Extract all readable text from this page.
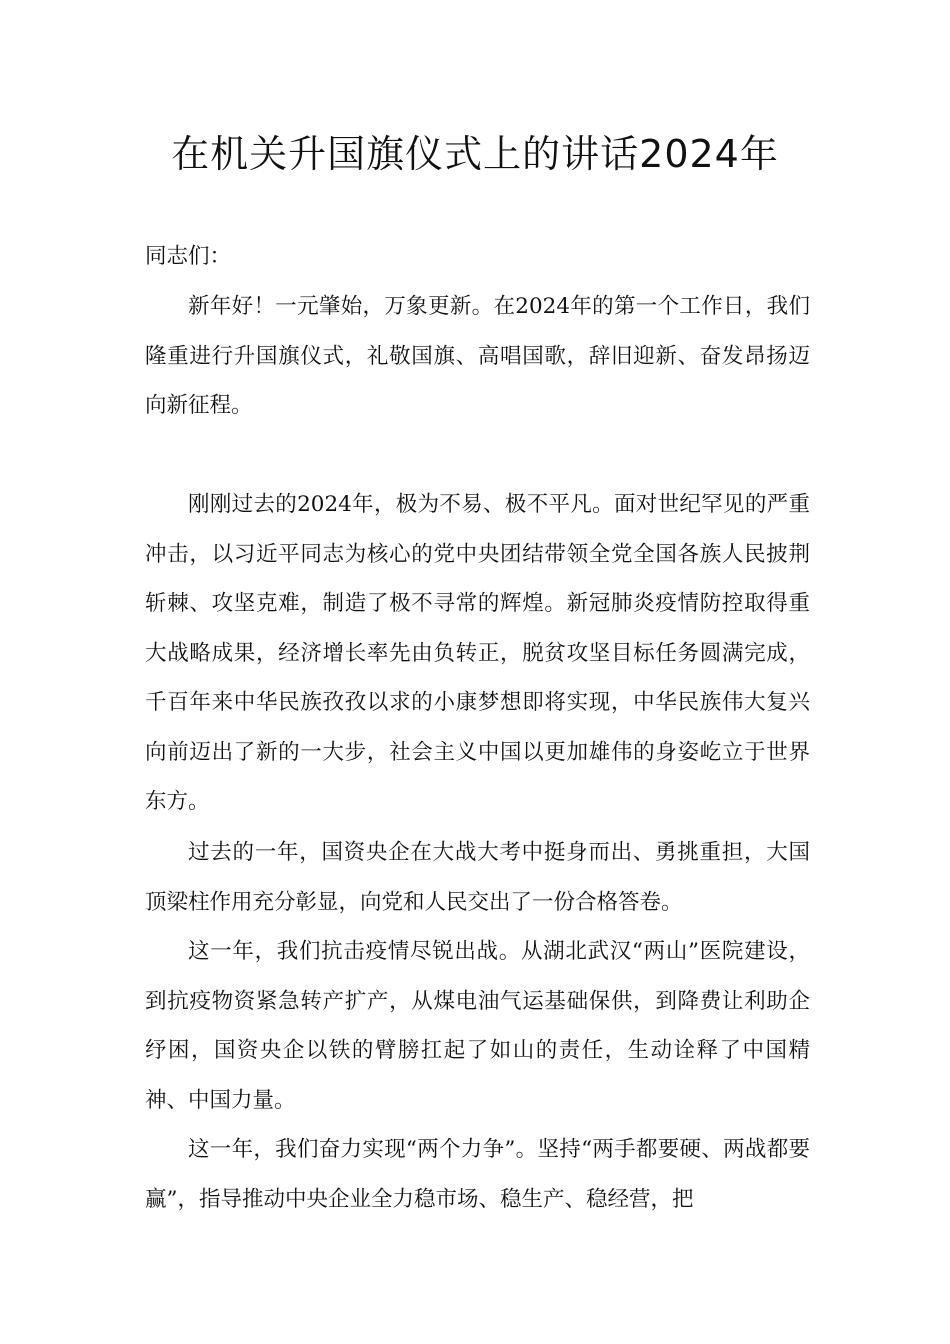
在机关升国旗仪式上的讲话2024年

同志们：

新年好！一元肇始，万象更新。在2024年的第一个工作日，我们隆重进行升国旗仪式，礼敬国旗、高唱国歌，辞旧迎新、奋发昂扬迈向新征程。

刚刚过去的2024年，极为不易、极不平凡。面对世纪罕见的严重冲击，以习近平同志为核心的党中央团结带领全党全国各族人民披荆斩棘、攻坚克难，制造了极不寻常的辉煌。新冠肺炎疫情防控取得重大战略成果，经济增长率先由负转正，脱贫攻坚目标任务圆满完成，千百年来中华民族孜孜以求的小康梦想即将实现，中华民族伟大复兴向前迈出了新的一大步，社会主义中国以更加雄伟的身姿屹立于世界东方。

过去的一年，国资央企在大战大考中挺身而出、勇挑重担，大国顶梁柱作用充分彰显，向党和人民交出了一份合格答卷。

这一年，我们抗击疫情尽锐出战。从湖北武汉“两山”医院建设，到抗疫物资紧急转产扩产，从煤电油气运基础保供，到降费让利助企纾困，国资央企以铁的臂膀扛起了如山的责任，生动诠释了中国精神、中国力量。

这一年，我们奋力实现“两个力争”。坚持“两手都要硬、两战都要赢”，指导推动中央企业全力稳市场、稳生产、稳经营，把
